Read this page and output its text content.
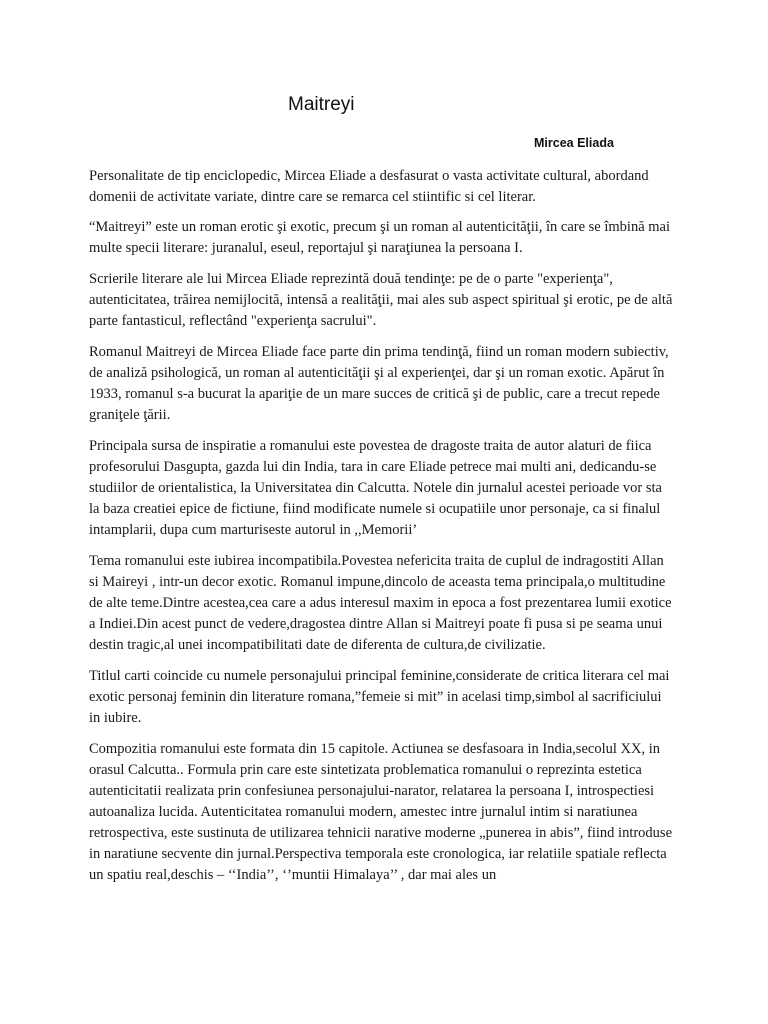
Maitreyi
Mircea Eliada

Personalitate de tip enciclopedic, Mircea Eliade a desfasurat o vasta activitate cultural, abordand domenii de activitate variate, dintre care se remarca cel stiintific si cel literar.

“Maitreyi” este un roman erotic şi exotic, precum şi un roman al autenticităţii, în care se îmbină mai multe specii literare: juranalul, eseul, reportajul şi naraţiunea la persoana I.

Scrierile literare ale lui Mircea Eliade reprezintă două tendinţe: pe de o parte "experienţa", autenticitatea, trăirea nemijlocită, intensă a realităţii, mai ales sub aspect spiritual şi erotic, pe de altă parte fantasticul, reflectând "experienţa sacrului".

Romanul Maitreyi de Mircea Eliade face parte din prima tendinţă, fiind un roman modern subiectiv, de analiză psihologică, un roman al autenticităţii şi al experienţei, dar şi un roman exotic. Apărut în 1933, romanul s-a bucurat la apariţie de un mare succes de critică şi de public, care a trecut repede graniţele ţării.

Principala sursa de inspiratie a romanului este povestea de dragoste traita de autor alaturi de fiica profesorului Dasgupta, gazda lui din India, tara in care Eliade petrece mai multi ani, dedicandu-se studiilor de orientalistica, la Universitatea din Calcutta. Notele din jurnalul acestei perioade vor sta la baza creatiei epice de fictiune, fiind modificate numele si ocupatiile unor personaje, ca si finalul intamplarii, dupa cum marturiseste autorul in ,,Memorii’

Tema romanului este iubirea incompatibila.Povestea nefericita traita de cuplul de indragostiti Allan si Maireyi , intr-un decor exotic. Romanul impune,dincolo de aceasta tema principala,o multitudine de alte teme.Dintre acestea,cea care a adus interesul maxim in epoca a fost prezentarea lumii exotice a Indiei.Din acest punct de vedere,dragostea dintre Allan si Maitreyi poate fi pusa si pe seama unui destin tragic,al unei incompatibilitati date de diferenta de cultura,de civilizatie.

Titlul carti coincide cu numele personajului principal feminine,considerate de critica literara cel mai exotic personaj feminin din literature romana,”femeie si mit” in acelasi timp,simbol al sacrificiului in iubire.

Compozitia romanului este formata din 15 capitole. Actiunea se desfasoara in India,secolul XX, in orasul Calcutta.. Formula prin care este sintetizata problematica romanului o reprezinta estetica autenticitatii realizata prin confesiunea personajului-narator, relatarea la persoana I, introspectiesi autoanaliza lucida. Autenticitatea romanului modern, amestec intre jurnalul intim si naratiunea retrospectiva, este sustinuta de utilizarea tehnicii narative moderne „punerea in abis”, fiind introduse in naratiune secvente din jurnal.Perspectiva temporala este cronologica, iar relatiile spatiale reflecta un spatiu real,deschis – ‘‘India’’, ‘’muntii Himalaya’’ , dar mai ales un
